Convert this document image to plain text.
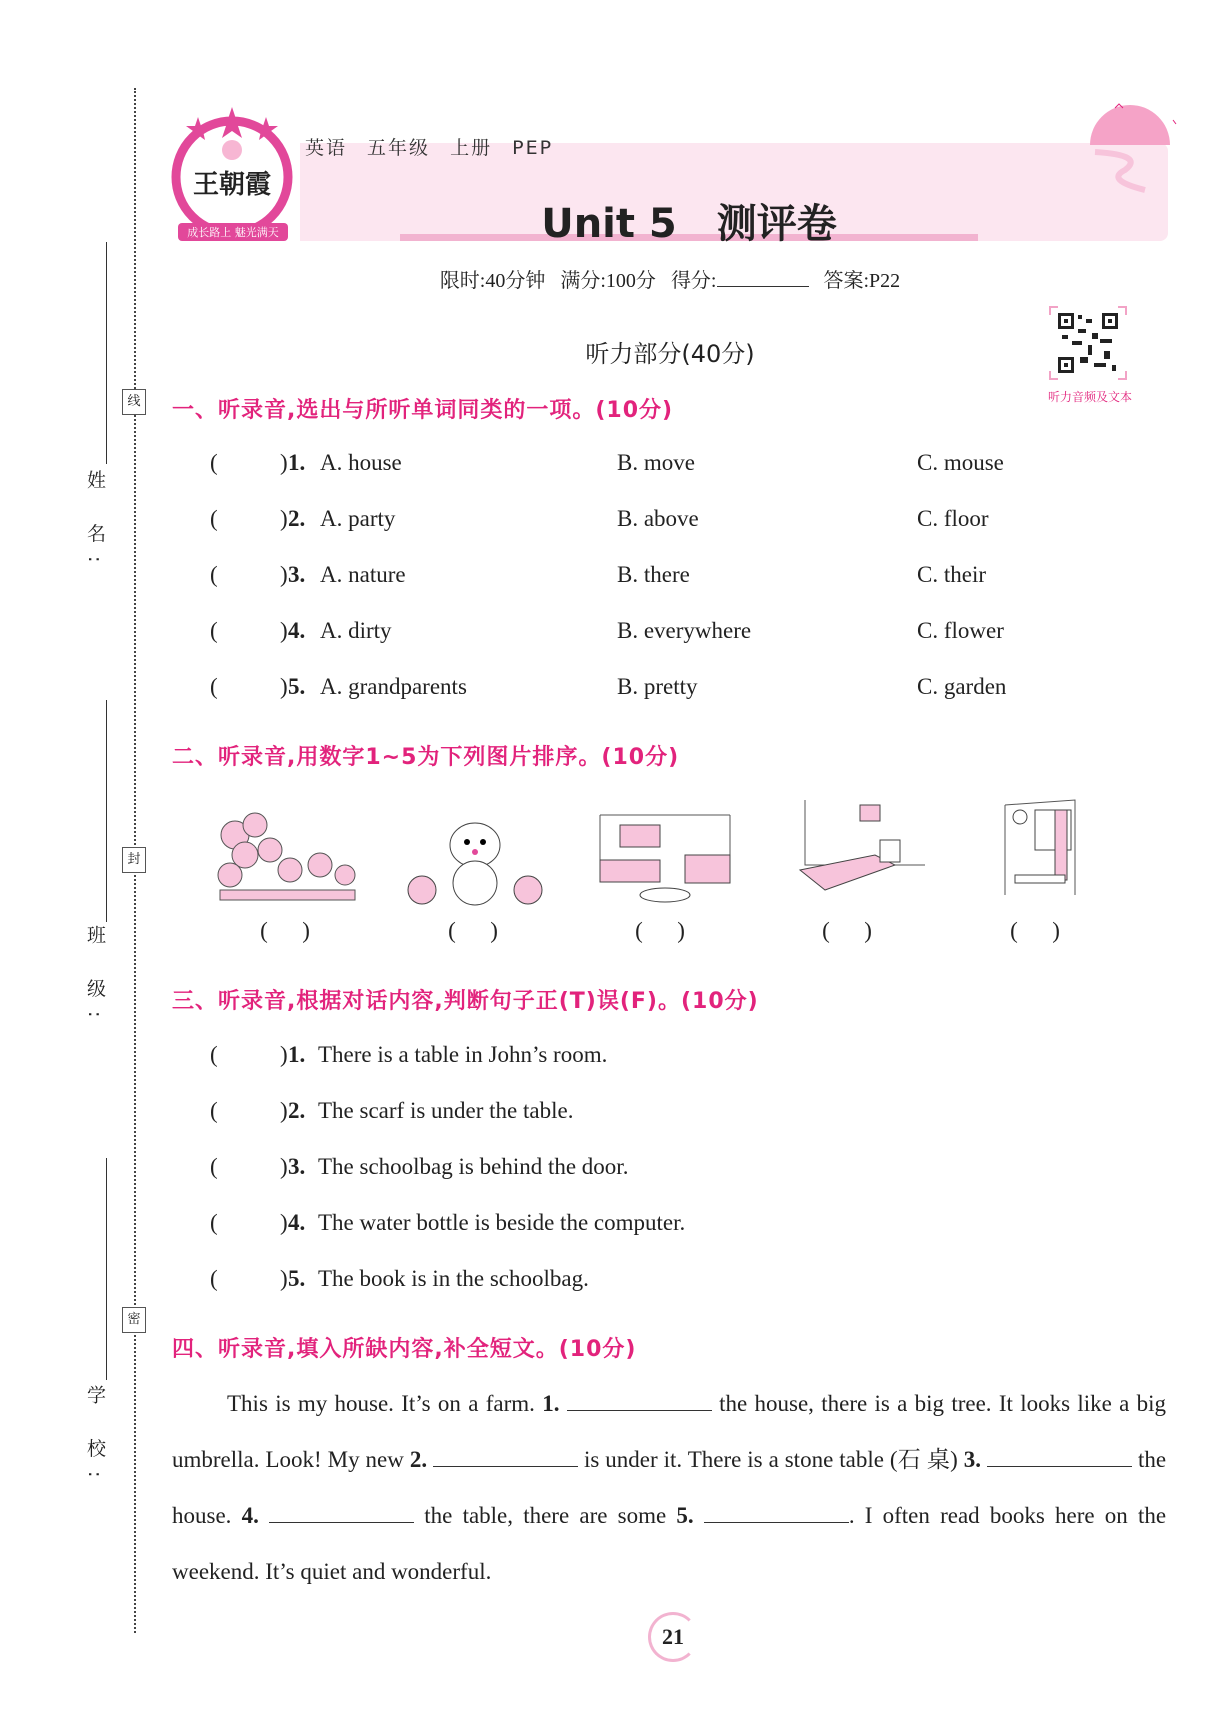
线
封
密
姓 名:
班 级:
学 校:
王朝霞
成长路上 魅光满天
英语 五年级 上册 PEP
Unit 5　测评卷
限时:40分钟 满分:100分 得分:	答案:P22
听力音频及文本
听力部分(40分)
一、听录音,选出与所听单词同类的一项。(10分)
(	) 1. A. house	B. move	C. mouse
(	) 2. A. party	B. above	C. floor
(	) 3. A. nature	B. there	C. their
(	) 4. A. dirty	B. everywhere	C. flower
(	) 5. A. grandparents	B. pretty	C. garden
二、听录音,用数字1~5为下列图片排序。(10分)
(      )	(      )	(      )	(      )	(      )
三、听录音,根据对话内容,判断句子正(T)误(F)。(10分)
(	) 1. There is a table in John’s room.
(	) 2. The scarf is under the table.
(	) 3. The schoolbag is behind the door.
(	) 4. The water bottle is beside the computer.
(	) 5. The book is in the schoolbag.
四、听录音,填入所缺内容,补全短文。(10分)
This is my house. It’s on a farm. 1.	the house, there is a big tree. It looks like a big umbrella. Look! My new 2.	is under it. There is a stone table (石 桌) 3.	the house. 4.	the table, there are some 5.	. I often read books here on the weekend. It’s quiet and wonderful.
21
